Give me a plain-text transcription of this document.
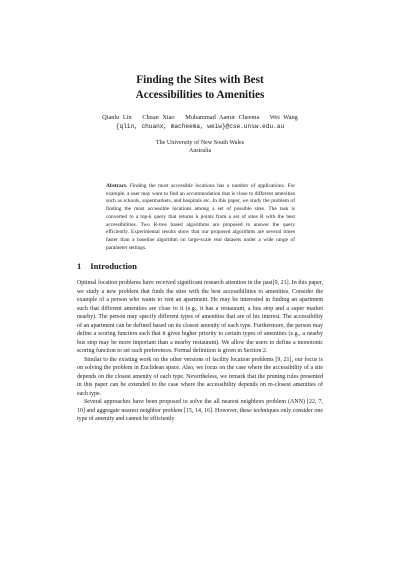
Finding the Sites with Best
Accessibilities to Amenities
Qianlu Lin   Chuan Xiao   Muhammad Aamir Cheema   Wei Wang
{qlin, chuanx, macheema, weiw}@cse.unsw.edu.au
The University of New South Wales
Australia
Abstract. Finding the most accessible locations has a number of applications. For example, a user may want to find an accommodation that is close to different amenities such as schools, supermarkets, and hospitals etc. In this paper, we study the problem of finding the most accessible locations among a set of possible sites. The task is converted to a top-k query that returns k points from a set of sites R with the best accessibilities. Two R-tree based algorithms are proposed to answer the query efficiently. Experimental results show that our proposed algorithms are several times faster than a baseline algorithm on large-scale real datasets under a wide range of parameter settings.
1 Introduction

Optimal location problems have received significant research attention in the past[9, 21]. In this paper, we study a new problem that finds the sites with the best accessibilities to amenities. Consider the example of a person who wants to rent an apartment. He may be interested in finding an apartment such that different amenities are close to it (e.g., it has a restaurant, a bus stop and a super market nearby). The person may specify different types of amenities that are of his interest. The accessibility of an apartment can be defined based on its closest amenity of each type. Furthermore, the person may define a scoring function such that it gives higher priority to certain types of amenities (e.g., a nearby bus stop may be more important than a nearby restaurant). We allow the users to define a monotonic scoring function to set such preferences. Formal definition is given in Section 2.

Similar to the existing work on the other versions of facility location problems [9, 21], our focus is on solving the problem in Euclidean space. Also, we focus on the case where the accessibility of a site depends on the closest amenity of each type. Nevertheless, we remark that the pruning rules presented in this paper can be extended to the case where the accessibility depends on m-closest amenities of each type.

Several approaches have been proposed to solve the all nearest neighbors problem (ANN) [22, 7, 10] and aggregate nearest neighbor problem [15, 14, 16]. However, these techniques only consider one type of amenity and cannot be efficiently
